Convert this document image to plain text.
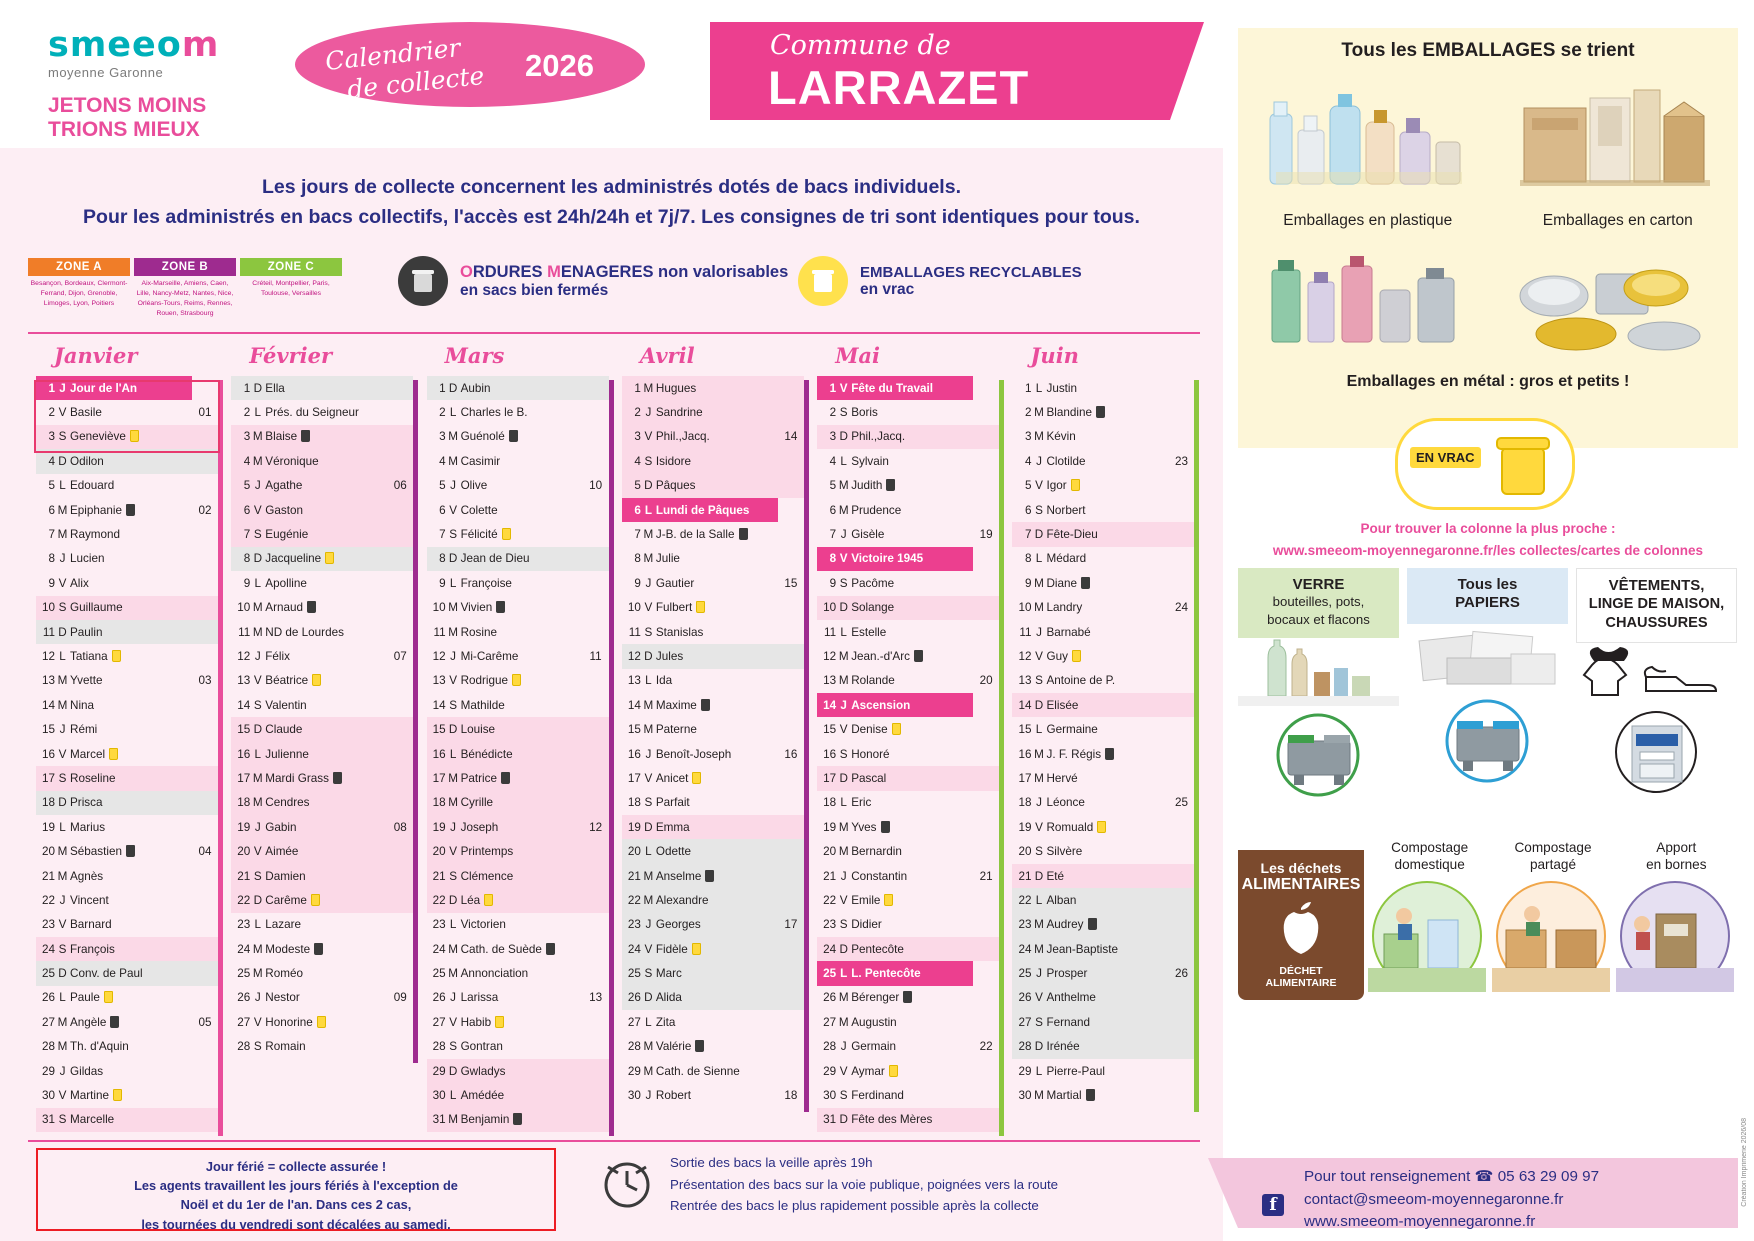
smeeom
moyenne Garonne
JETONS MOINS
TRIONS MIEUX
Calendrier
de collecte 2026
Commune de
LARRAZET
Les jours de collecte concernent les administrés dotés de bacs individuels.
Pour les administrés en bacs collectifs, l'accès est 24h/24h et 7j/7. Les consignes de tri sont identiques pour tous.
ZONE A	ZONE B	ZONE C
Besançon, Bordeaux, Clermont-Ferrand, Dijon, Grenoble, Limoges, Lyon, Poitiers
Aix-Marseille, Amiens, Caen, Lille, Nancy-Metz, Nantes, Nice, Orléans-Tours, Reims, Rennes, Rouen, Strasbourg
Créteil, Montpellier, Paris, Toulouse, Versailles
ORDURES MENAGERES non valorisables
en sacs bien fermés
EMBALLAGES RECYCLABLES
en vrac
Janvier
1	J	Jour de l'An	
2	V	Basile	01
3	S	Geneviève	
4	D	Odilon	
5	L	Edouard	
6	M	Epiphanie	02
7	M	Raymond	
8	J	Lucien	
9	V	Alix	
10	S	Guillaume	
11	D	Paulin	
12	L	Tatiana	
13	M	Yvette	03
14	M	Nina	
15	J	Rémi	
16	V	Marcel	
17	S	Roseline	
18	D	Prisca	
19	L	Marius	
20	M	Sébastien	04
21	M	Agnès	
22	J	Vincent	
23	V	Barnard	
24	S	François	
25	D	Conv. de Paul	
26	L	Paule	
27	M	Angèle	05
28	M	Th. d'Aquin	
29	J	Gildas	
30	V	Martine	
31	S	Marcelle	
Février
1	D	Ella	
2	L	Prés. du Seigneur	
3	M	Blaise	
4	M	Véronique	
5	J	Agathe	06
6	V	Gaston	
7	S	Eugénie	
8	D	Jacqueline	
9	L	Apolline	
10	M	Arnaud	
11	M	ND de Lourdes	
12	J	Félix	07
13	V	Béatrice	
14	S	Valentin	
15	D	Claude	
16	L	Julienne	
17	M	Mardi Grass	
18	M	Cendres	
19	J	Gabin	08
20	V	Aimée	
21	S	Damien	
22	D	Carême	
23	L	Lazare	
24	M	Modeste	
25	M	Roméo	
26	J	Nestor	09
27	V	Honorine	
28	S	Romain	
Mars
1	D	Aubin	
2	L	Charles le B.	
3	M	Guénolé	
4	M	Casimir	
5	J	Olive	10
6	V	Colette	
7	S	Félicité	
8	D	Jean de Dieu	
9	L	Françoise	
10	M	Vivien	
11	M	Rosine	
12	J	Mi-Carême	11
13	V	Rodrigue	
14	S	Mathilde	
15	D	Louise	
16	L	Bénédicte	
17	M	Patrice	
18	M	Cyrille	
19	J	Joseph	12
20	V	Printemps	
21	S	Clémence	
22	D	Léa	
23	L	Victorien	
24	M	Cath. de Suède	
25	M	Annonciation	
26	J	Larissa	13
27	V	Habib	
28	S	Gontran	
29	D	Gwladys	
30	L	Amédée	
31	M	Benjamin	
Avril
1	M	Hugues	
2	J	Sandrine	
3	V	Phil.,Jacq.	14
4	S	Isidore	
5	D	Pâques	
6	L	Lundi de Pâques	
7	M	J-B. de la Salle	
8	M	Julie	
9	J	Gautier	15
10	V	Fulbert	
11	S	Stanislas	
12	D	Jules	
13	L	Ida	
14	M	Maxime	
15	M	Paterne	
16	J	Benoît-Joseph	16
17	V	Anicet	
18	S	Parfait	
19	D	Emma	
20	L	Odette	
21	M	Anselme	
22	M	Alexandre	
23	J	Georges	17
24	V	Fidèle	
25	S	Marc	
26	D	Alida	
27	L	Zita	
28	M	Valérie	
29	M	Cath. de Sienne	
30	J	Robert	18
Mai
1	V	Fête du Travail	
2	S	Boris	
3	D	Phil.,Jacq.	
4	L	Sylvain	
5	M	Judith	
6	M	Prudence	
7	J	Gisèle	19
8	V	Victoire 1945	
9	S	Pacôme	
10	D	Solange	
11	L	Estelle	
12	M	Jean.-d'Arc	
13	M	Rolande	20
14	J	Ascension	
15	V	Denise	
16	S	Honoré	
17	D	Pascal	
18	L	Eric	
19	M	Yves	
20	M	Bernardin	
21	J	Constantin	21
22	V	Emile	
23	S	Didier	
24	D	Pentecôte	
25	L	L. Pentecôte	
26	M	Bérenger	
27	M	Augustin	
28	J	Germain	22
29	V	Aymar	
30	S	Ferdinand	
31	D	Fête des Mères	
Juin
1	L	Justin	
2	M	Blandine	
3	M	Kévin	
4	J	Clotilde	23
5	V	Igor	
6	S	Norbert	
7	D	Fête-Dieu	
8	L	Médard	
9	M	Diane	
10	M	Landry	24
11	J	Barnabé	
12	V	Guy	
13	S	Antoine de P.	
14	D	Elisée	
15	L	Germaine	
16	M	J. F. Régis	
17	M	Hervé	
18	J	Léonce	25
19	V	Romuald	
20	S	Silvère	
21	D	Eté	
22	L	Alban	
23	M	Audrey	
24	M	Jean-Baptiste	
25	J	Prosper	26
26	V	Anthelme	
27	S	Fernand	
28	D	Irénée	
29	L	Pierre-Paul	
30	M	Martial	
Jour férié = collecte assurée !
Les agents travaillent les jours fériés à l'exception de
Noël et du 1er de l'an. Dans ces 2 cas,
les tournées du vendredi sont décalées au samedi.
Sortie des bacs la veille après 19h
Présentation des bacs sur la voie publique, poignées vers la route
Rentrée des bacs le plus rapidement possible après la collecte
Tous les EMBALLAGES se trient
Emballages en plastique	Emballages en carton
Emballages en métal : gros et petits !
EN VRAC
Pour trouver la colonne la plus proche :
www.smeeom-moyennegaronne.fr/les collectes/cartes de colonnes
VERRE

bouteilles, pots,

bocaux et flacons

Tous les

PAPIERS

VÊTEMENTS,

LINGE DE MAISON,

CHAUSSURES

Les déchets
ALIMENTAIRES
DÉCHET
ALIMENTAIRE
Compostage
domestique
Compostage
partagé
Apport
en bornes
f
Pour tout renseignement ☎ 05 63 29 09 97
contact@smeeom-moyennegaronne.fr
www.smeeom-moyennegaronne.fr
Création Imprimerie 2026/08
